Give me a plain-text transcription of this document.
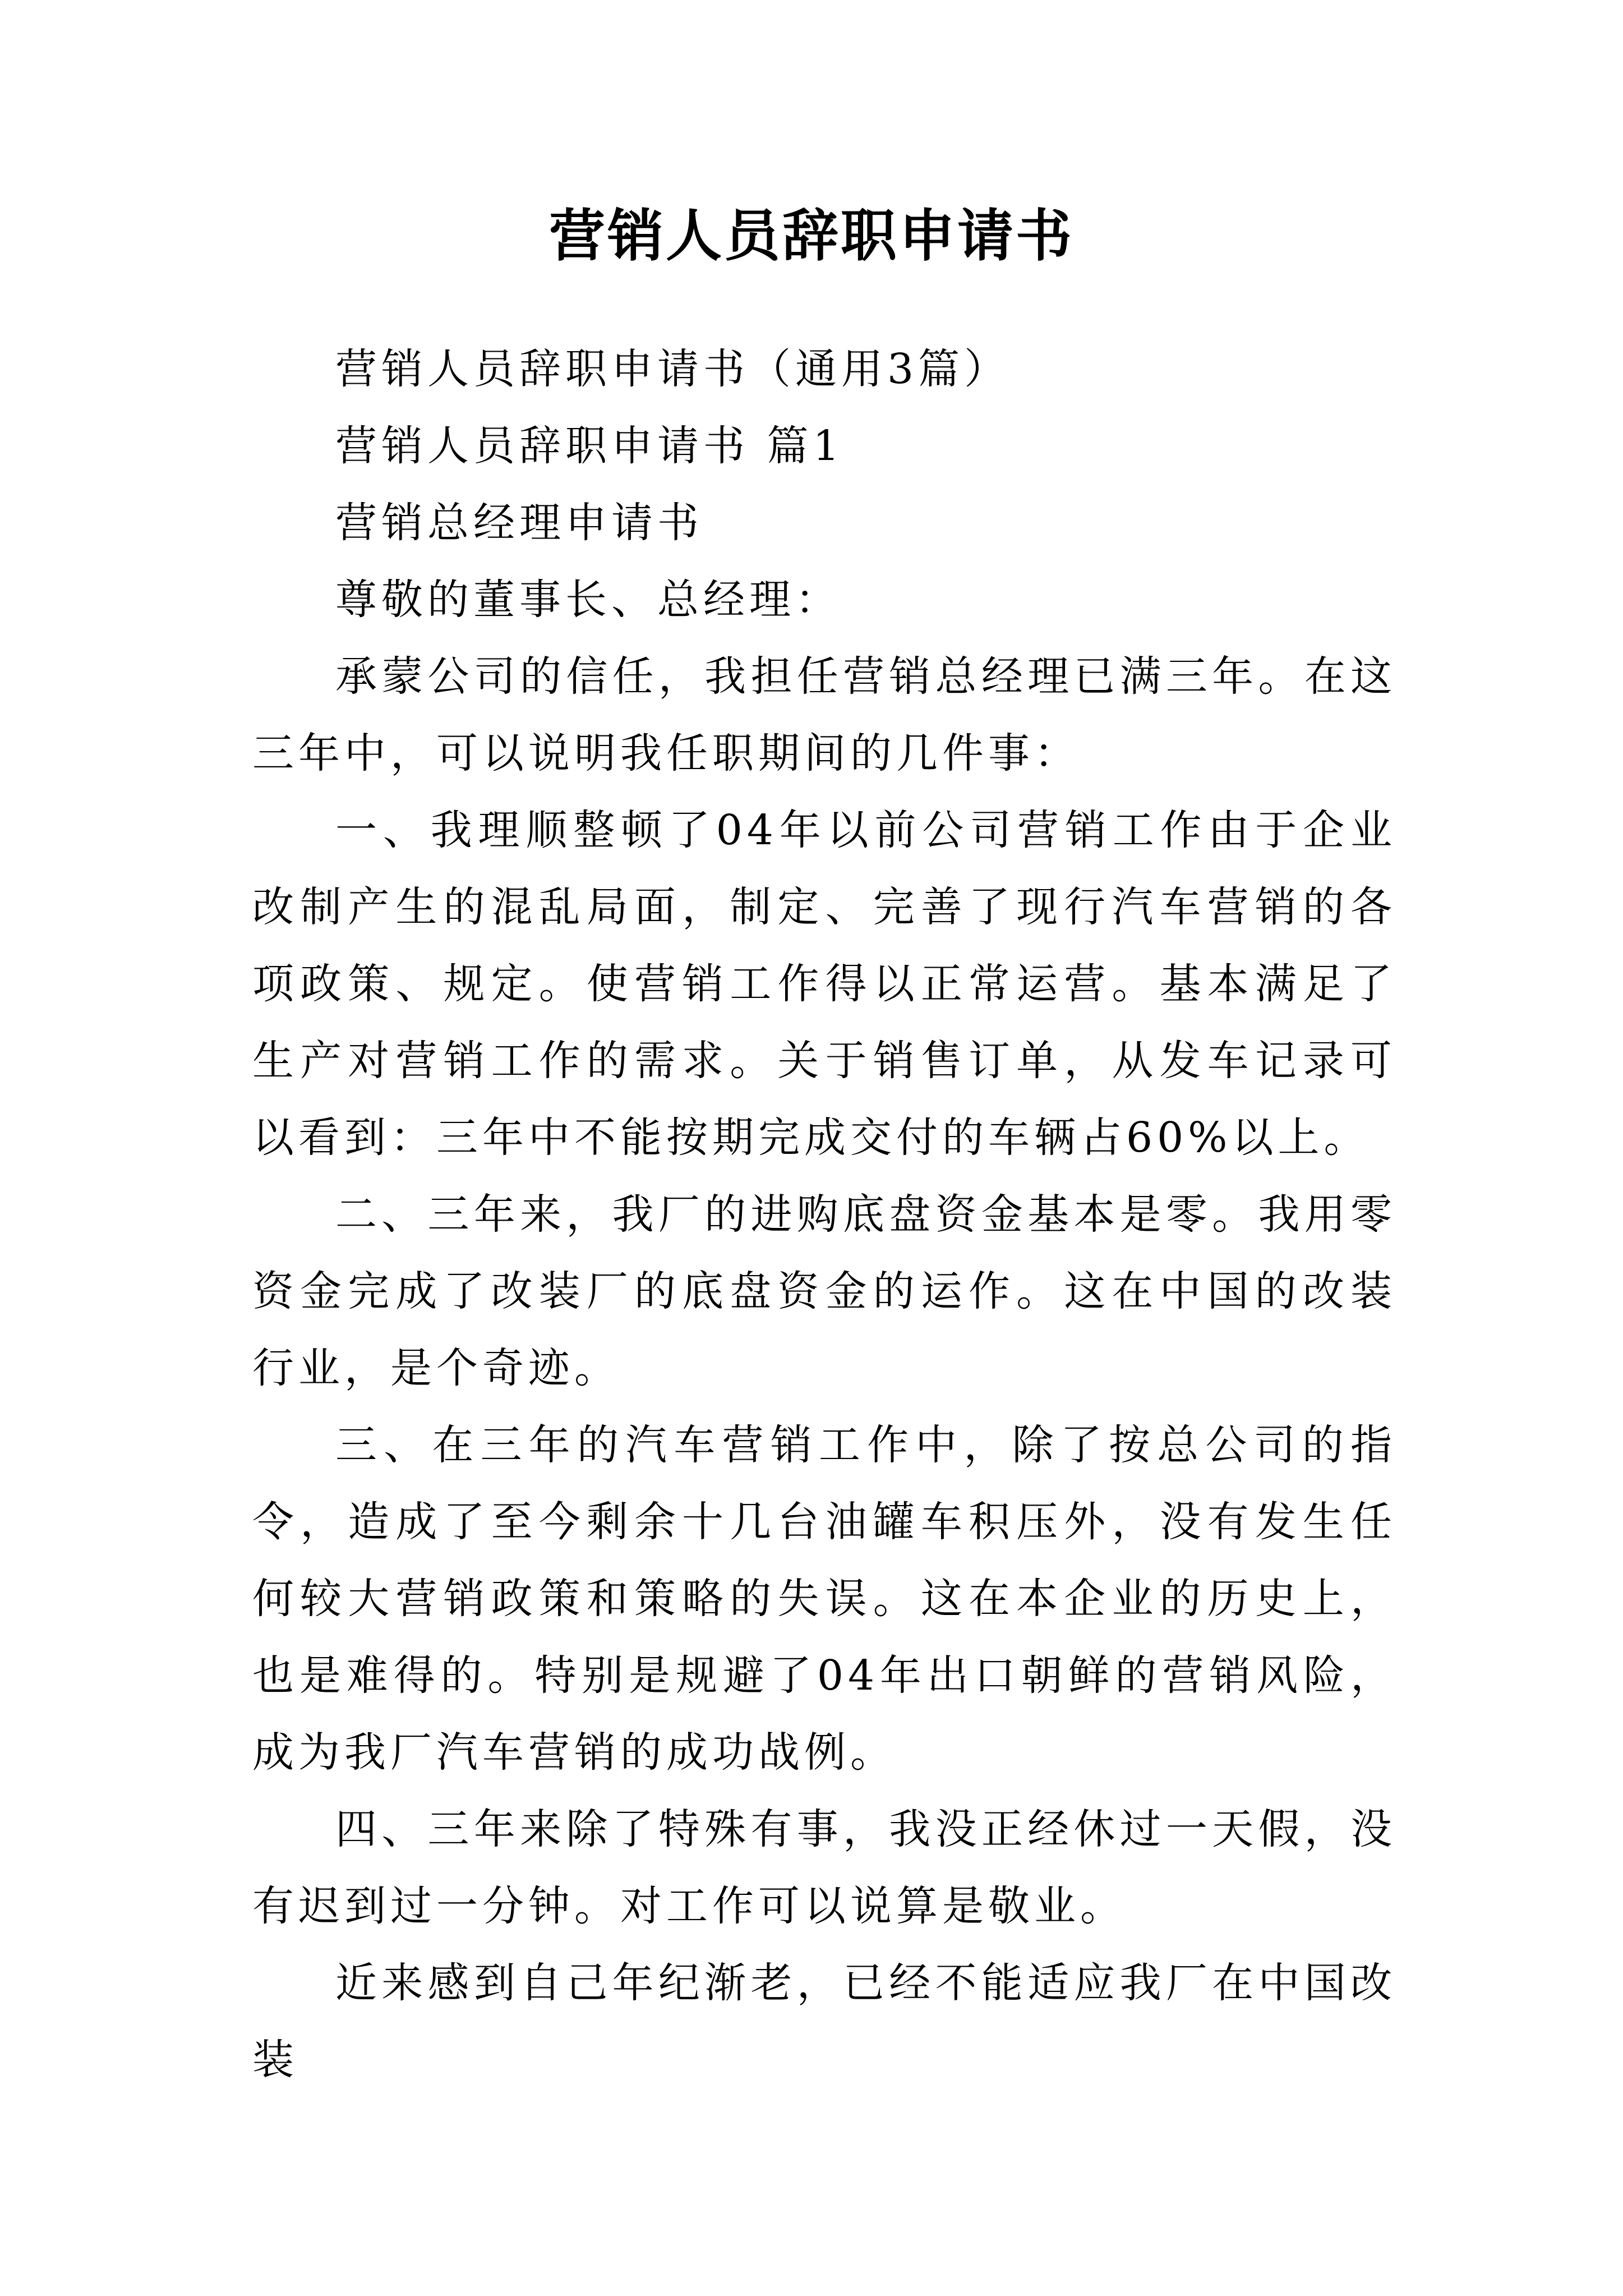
营销人员辞职申请书

营销人员辞职申请书（通用3篇）

营销人员辞职申请书 篇1

营销总经理申请书

尊敬的董事长、总经理：

承蒙公司的信任，我担任营销总经理已满三年。在这三年中，可以说明我任职期间的几件事：

一、我理顺整顿了04年以前公司营销工作由于企业改制产生的混乱局面，制定、完善了现行汽车营销的各项政策、规定。使营销工作得以正常运营。基本满足了生产对营销工作的需求。关于销售订单，从发车记录可以看到：三年中不能按期完成交付的车辆占60%以上。

二、三年来，我厂的进购底盘资金基本是零。我用零资金完成了改装厂的底盘资金的运作。这在中国的改装行业，是个奇迹。

三、在三年的汽车营销工作中，除了按总公司的指令，造成了至今剩余十几台油罐车积压外，没有发生任何较大营销政策和策略的失误。这在本企业的历史上，也是难得的。特别是规避了04年出口朝鲜的营销风险，成为我厂汽车营销的成功战例。

四、三年来除了特殊有事，我没正经休过一天假，没有迟到过一分钟。对工作可以说算是敬业。

近来感到自己年纪渐老，已经不能适应我厂在中国改装
